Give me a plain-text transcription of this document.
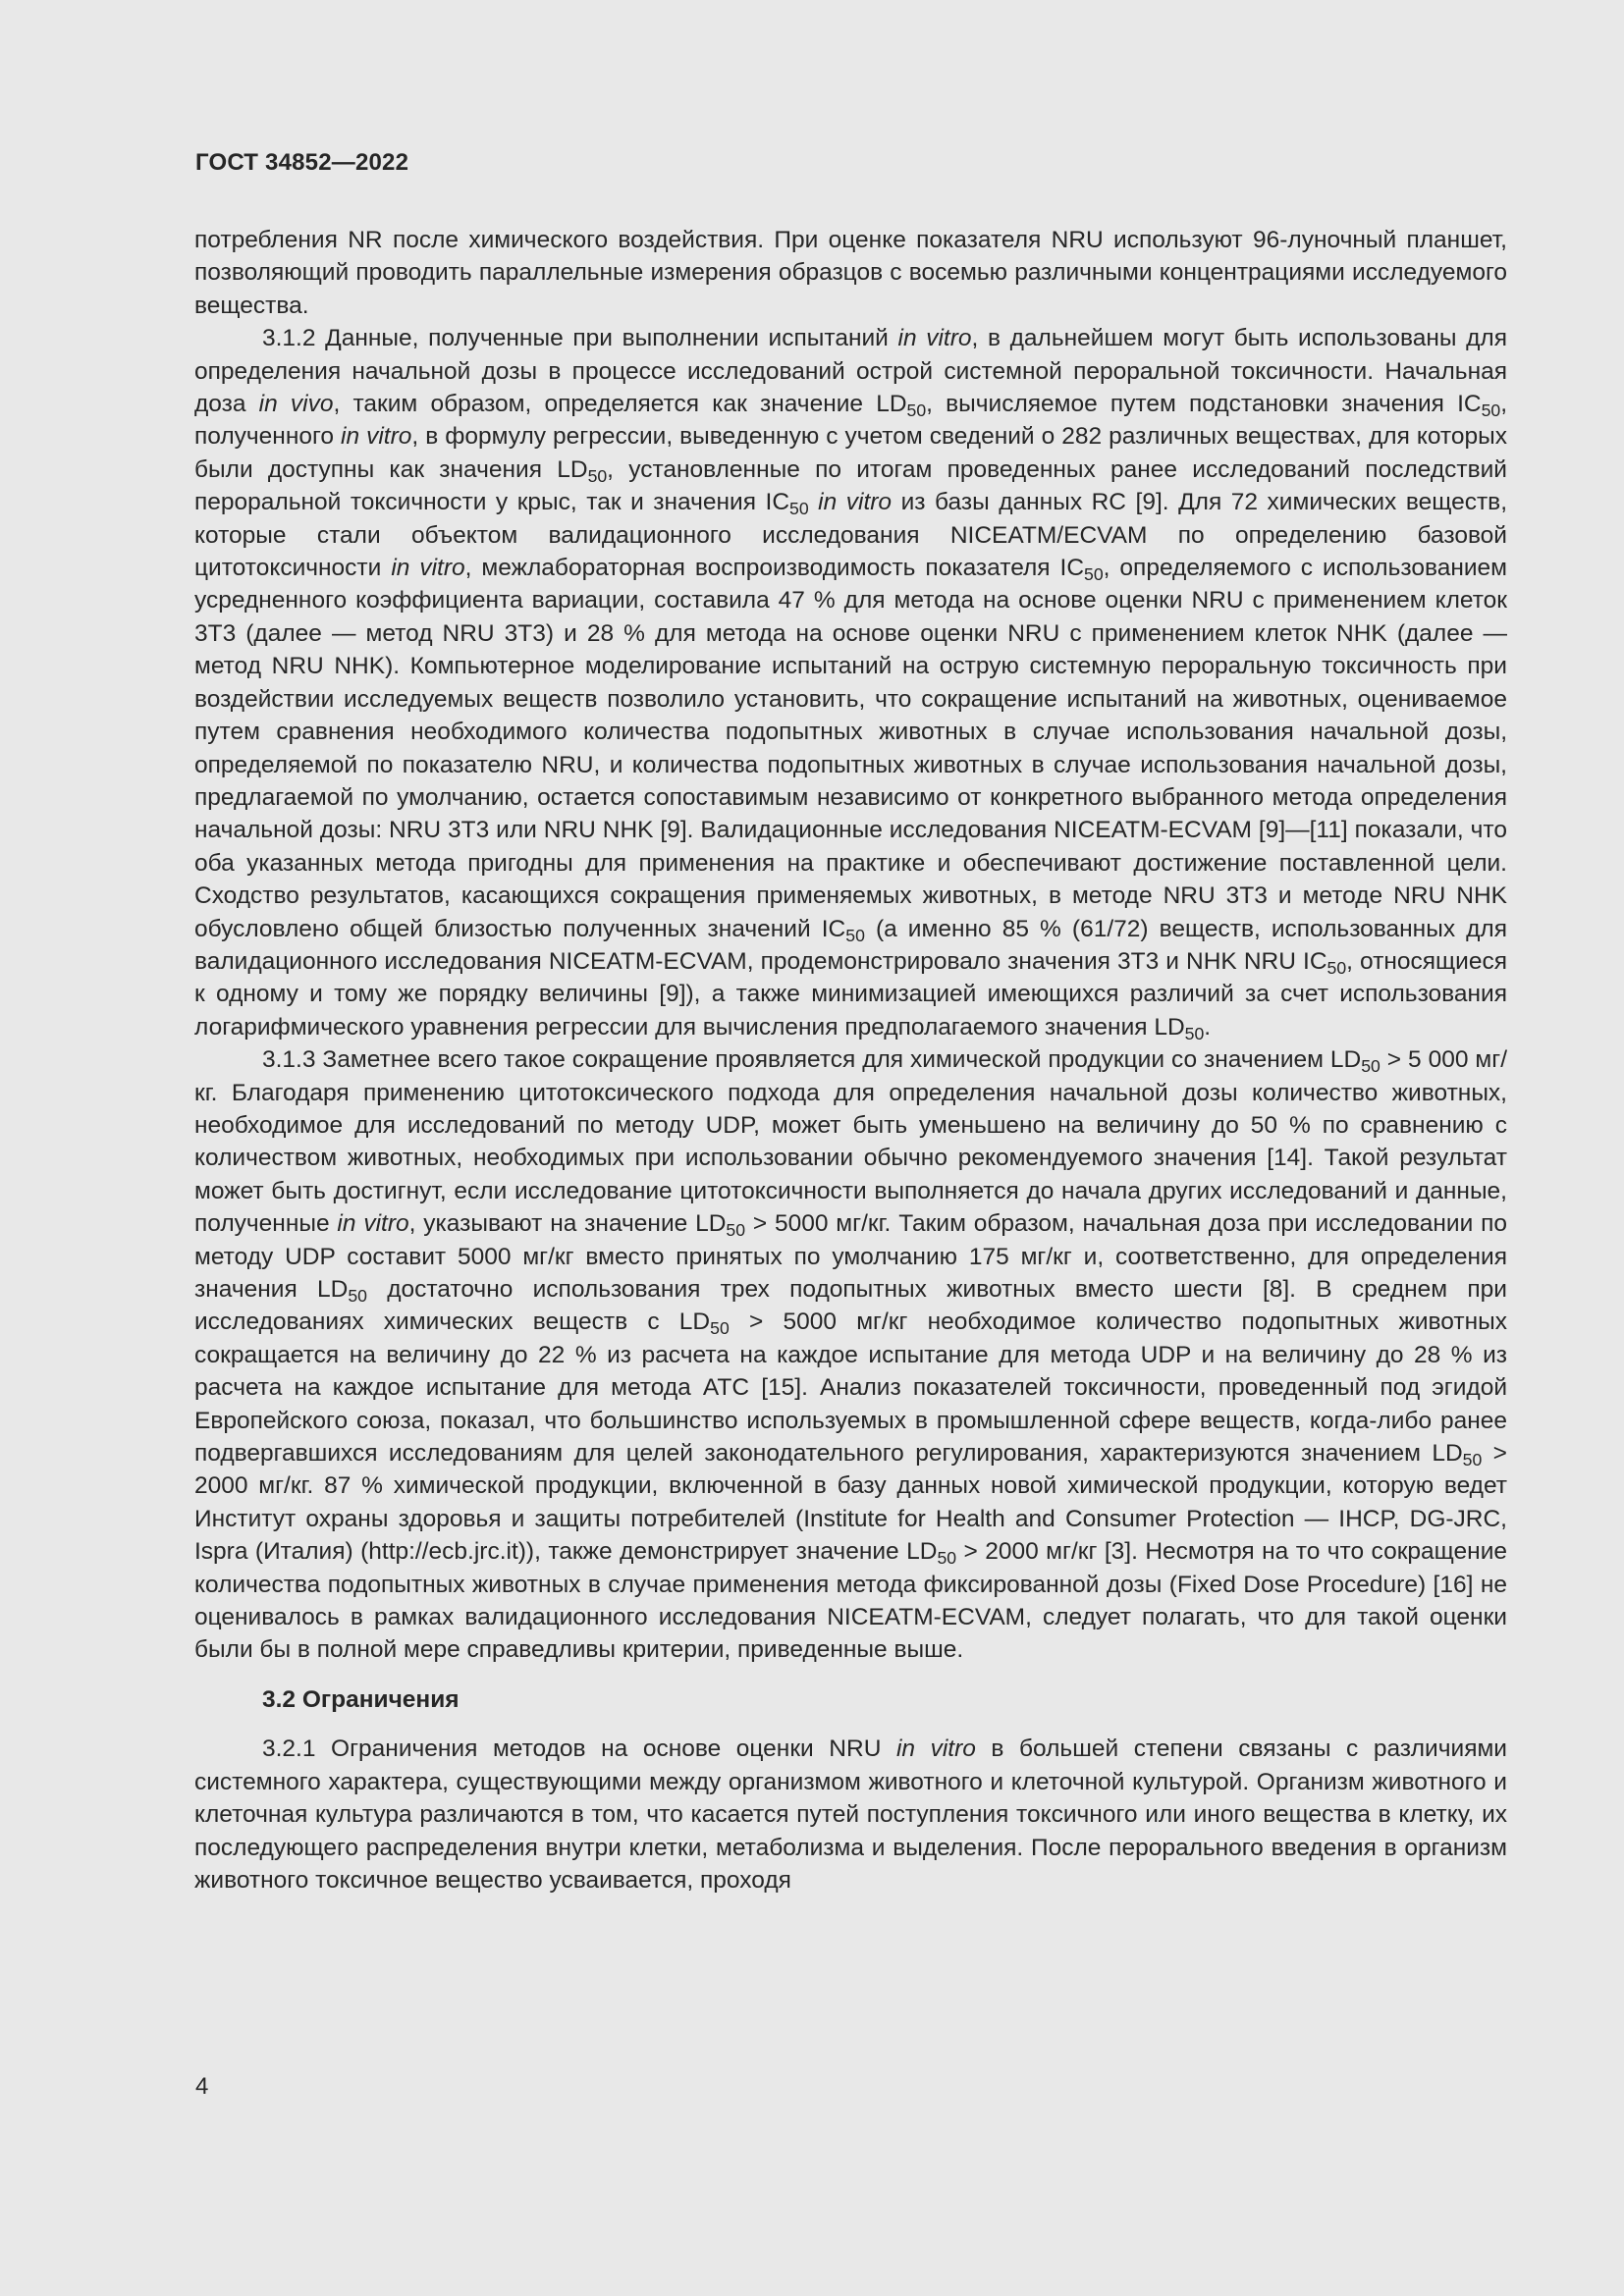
ГОСТ 34852—2022

потребления NR после химического воздействия. При оценке показателя NRU используют 96-луночный планшет, позволяющий проводить параллельные измерения образцов с восемью различными концентрациями исследуемого вещества.

3.1.2 Данные, полученные при выполнении испытаний in vitro, в дальнейшем могут быть использованы для определения начальной дозы в процессе исследований острой системной пероральной токсичности. Начальная доза in vivo, таким образом, определяется как значение $LD_{50}$, вычисляемое путем подстановки значения $IC_{50}$, полученного in vitro, в формулу регрессии, выведенную с учетом сведений о 282 различных веществах, для которых были доступны как значения $LD_{50}$, установленные по итогам проведенных ранее исследований последствий пероральной токсичности у крыс, так и значения $IC_{50}$ in vitro из базы данных RC [9]. Для 72 химических веществ, которые стали объектом валидационного исследования NICEATM/ECVAM по определению базовой цитотоксичности in vitro, межлабораторная воспроизводимость показателя $IC_{50}$, определяемого с использованием усредненного коэффициента вариации, составила 47 % для метода на основе оценки NRU с применением клеток 3T3 (далее — метод NRU 3T3) и 28 % для метода на основе оценки NRU с применением клеток NHK (далее — метод NRU NHK). Компьютерное моделирование испытаний на острую системную пероральную токсичность при воздействии исследуемых веществ позволило установить, что сокращение испытаний на животных, оцениваемое путем сравнения необходимого количества подопытных животных в случае использования начальной дозы, определяемой по показателю NRU, и количества подопытных животных в случае использования начальной дозы, предлагаемой по умолчанию, остается сопоставимым независимо от конкретного выбранного метода определения начальной дозы: NRU 3T3 или NRU NHK [9]. Валидационные исследования NICEATM-ECVAM [9]—[11] показали, что оба указанных метода пригодны для применения на практике и обеспечивают достижение поставленной цели. Сходство результатов, касающихся сокращения применяемых животных, в методе NRU 3T3 и методе NRU NHK обусловлено общей близостью полученных значений $IC_{50}$ (а именно 85 % (61/72) веществ, использованных для валидационного исследования NICEATM-ECVAM, продемонстрировало значения 3T3 и NHK NRU $IC_{50}$, относящиеся к одному и тому же порядку величины [9]), а также минимизацией имеющихся различий за счет использования логарифмического уравнения регрессии для вычисления предполагаемого значения $LD_{50}$.

3.1.3 Заметнее всего такое сокращение проявляется для химической продукции со значением $LD_{50} > 5$ 000 мг/кг. Благодаря применению цитотоксического подхода для определения начальной дозы количество животных, необходимое для исследований по методу UDP, может быть уменьшено на величину до 50 % по сравнению с количеством животных, необходимых при использовании обычно рекомендуемого значения [14]. Такой результат может быть достигнут, если исследование цитотоксичности выполняется до начала других исследований и данные, полученные in vitro, указывают на значение $LD_{50} > 5000$ мг/кг. Таким образом, начальная доза при исследовании по методу UDP составит 5000 мг/кг вместо принятых по умолчанию 175 мг/кг и, соответственно, для определения значения $LD_{50}$ достаточно использования трех подопытных животных вместо шести [8]. В среднем при исследованиях химических веществ с $LD_{50} > 5000$ мг/кг необходимое количество подопытных животных сокращается на величину до 22 % из расчета на каждое испытание для метода UDP и на величину до 28 % из расчета на каждое испытание для метода ATC [15]. Анализ показателей токсичности, проведенный под эгидой Европейского союза, показал, что большинство используемых в промышленной сфере веществ, когда-либо ранее подвергавшихся исследованиям для целей законодательного регулирования, характеризуются значением $LD_{50} > 2000$ мг/кг. 87 % химической продукции, включенной в базу данных новой химической продукции, которую ведет Институт охраны здоровья и защиты потребителей (Institute for Health and Consumer Protection — IHCP, DG-JRC, Ispra (Италия) (http://ecb.jrc.it)), также демонстрирует значение $LD_{50} > 2000$ мг/кг [3]. Несмотря на то что сокращение количества подопытных животных в случае применения метода фиксированной дозы (Fixed Dose Procedure) [16] не оценивалось в рамках валидационного исследования NICEATM-ECVAM, следует полагать, что для такой оценки были бы в полной мере справедливы критерии, приведенные выше.

3.2 Ограничения

3.2.1 Ограничения методов на основе оценки NRU in vitro в большей степени связаны с различиями системного характера, существующими между организмом животного и клеточной культурой. Организм животного и клеточная культура различаются в том, что касается путей поступления токсичного или иного вещества в клетку, их последующего распределения внутри клетки, метаболизма и выделения. После перорального введения в организм животного токсичное вещество усваивается, проходя

4
